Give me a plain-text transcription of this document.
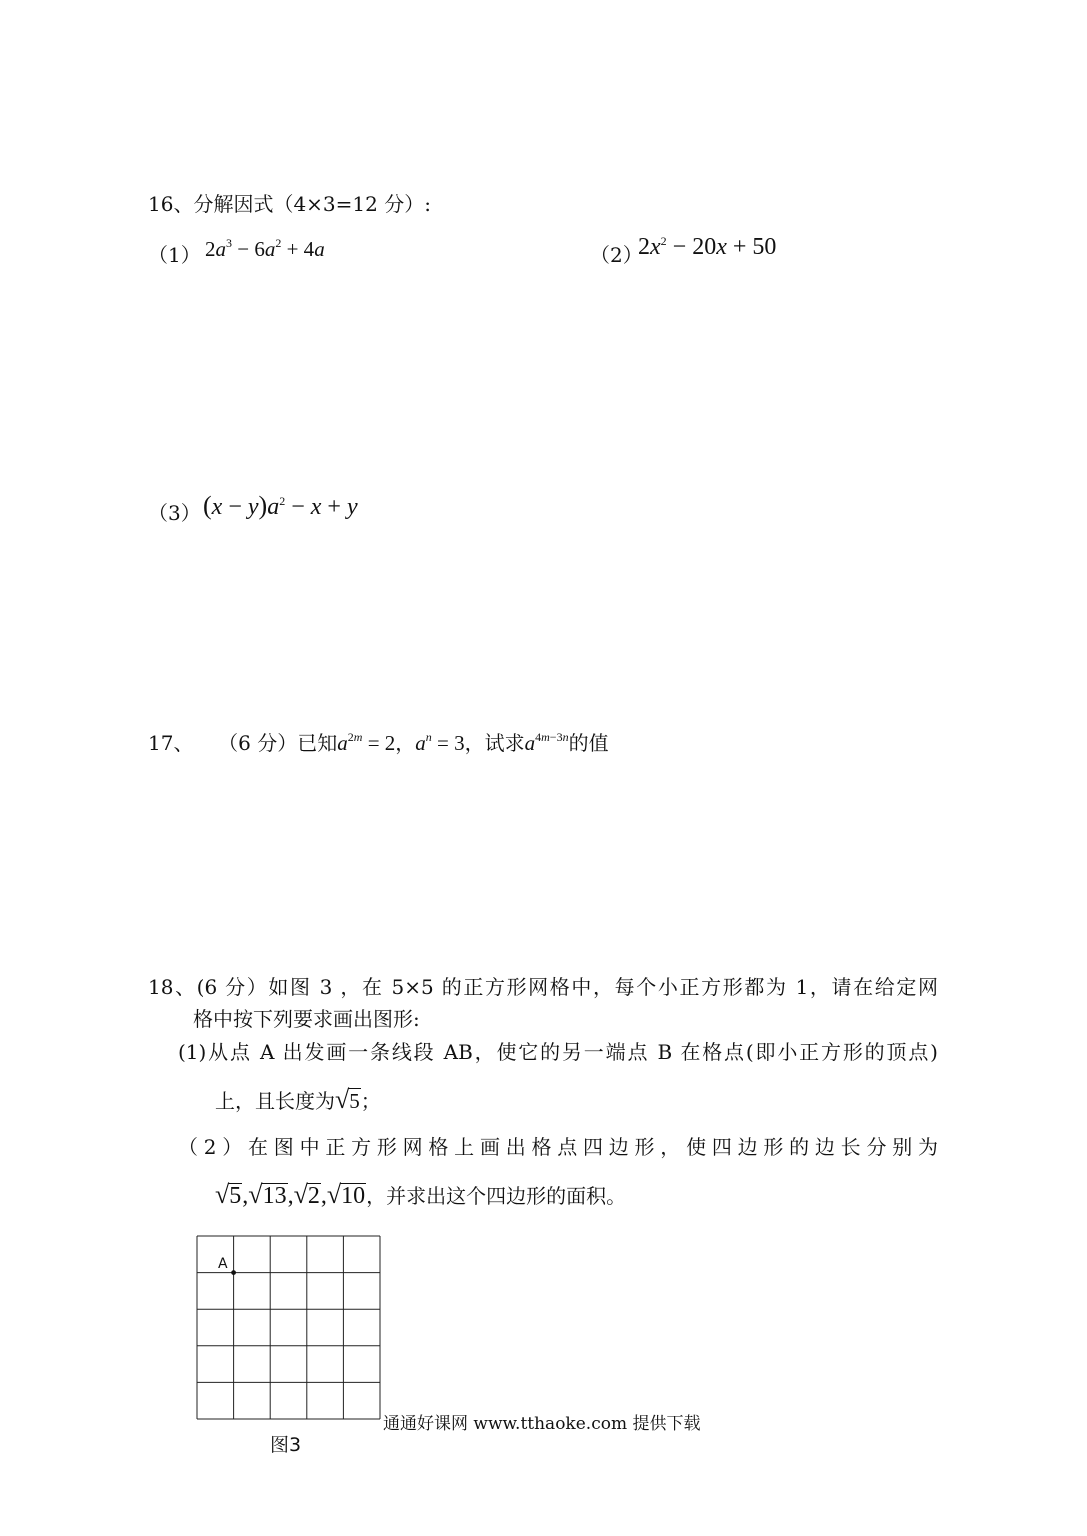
16、分解因式（4×3=12 分）:
（1） $2a^3 - 6a^2 + 4a$	（2）
$2x^2 - 20x + 50$
（3） $(x - y)a^2 - x + y$
17、 （6 分）已知$a^{2m} = 2$，$a^n = 3$，试求$a^{4m-3n}$的值
18、(6 分）如图 3 ，在 5×5 的正方形网格中，每个小正方形都为 1，请在给定网
格中按下列要求画出图形:
(1)从点 A 出发画一条线段 AB，使它的另一端点 B 在格点(即小正方形的顶点)
上，且长度为√5；
（2）在图中正方形网格上画出格点四边形，使四边形的边长分别为
√5,√13,√2,√10，并求出这个四边形的面积。
A
通通好课网 www.tthaoke.com 提供下载
图3
